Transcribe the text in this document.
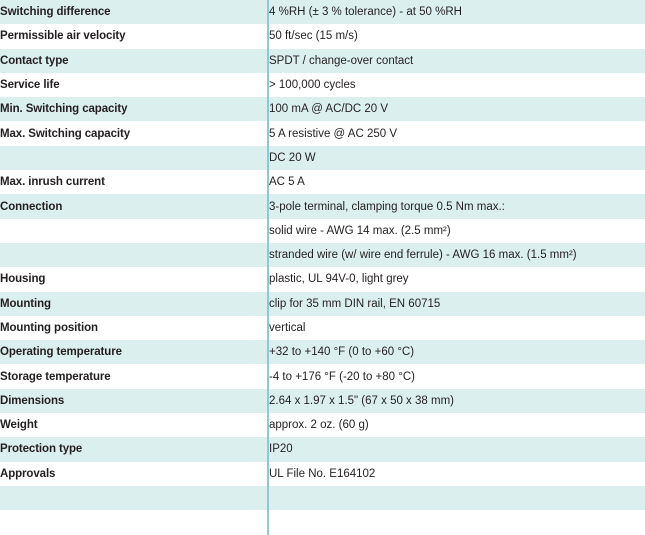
Switching difference	4 %RH (± 3 % tolerance) - at 50 %RH
Permissible air velocity	50 ft/sec (15 m/s)
Contact type	SPDT / change-over contact
Service life	> 100,000 cycles
Min. Switching capacity	100 mA @ AC/DC 20 V
Max. Switching capacity	5 A resistive @ AC 250 V
	DC 20 W
Max. inrush current	AC 5 A
Connection	3-pole terminal, clamping torque 0.5 Nm max.:
	solid wire - AWG 14 max. (2.5 mm²)
	stranded wire (w/ wire end ferrule) - AWG 16 max. (1.5 mm²)
Housing	plastic, UL 94V-0, light grey
Mounting	clip for 35 mm DIN rail, EN 60715
Mounting position	vertical
Operating temperature	+32 to +140 °F (0 to +60 °C)
Storage temperature	-4 to +176 °F (-20 to +80 °C)
Dimensions	2.64 x 1.97 x 1.5" (67 x 50 x 38 mm)
Weight	approx. 2 oz. (60 g)
Protection type	IP20
Approvals	UL File No. E164102
